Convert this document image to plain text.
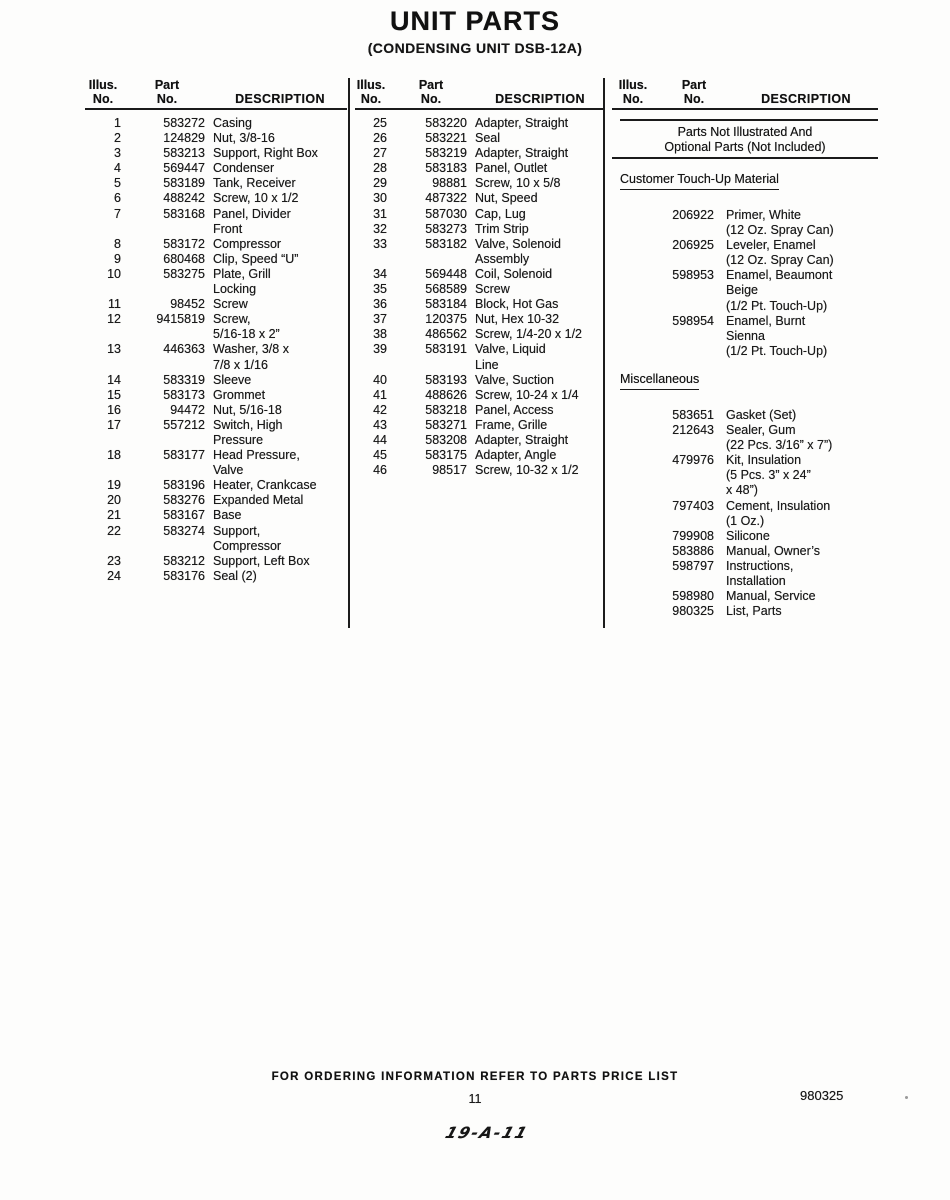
UNIT PARTS
(CONDENSING UNIT DSB-12A)
Illus.	Part
No.	No.	DESCRIPTION
1	583272 Casing
2	124829 Nut, 3/8-16
3	583213 Support, Right Box
4	569447 Condenser
5	583189 Tank, Receiver
6	488242 Screw, 10 x 1/2
7	583168 Panel, Divider
Front
8	583172 Compressor
9	680468 Clip, Speed “U”
10	583275 Plate, Grill
Locking
11	98452 Screw
12	9415819 Screw,
5/16-18 x 2”
13	446363 Washer, 3/8 x
7/8 x 1/16
14	583319 Sleeve
15	583173 Grommet
16	94472 Nut, 5/16-18
17	557212 Switch, High
Pressure
18	583177 Head Pressure,
Valve
19	583196 Heater, Crankcase
20	583276 Expanded Metal
21	583167 Base
22	583274 Support,
Compressor
23	583212 Support, Left Box
24	583176 Seal (2)
Illus.	Part
No.	No.	DESCRIPTION
25	583220 Adapter, Straight
26	583221 Seal
27	583219 Adapter, Straight
28	583183 Panel, Outlet
29	98881 Screw, 10 x 5/8
30	487322 Nut, Speed
31	587030 Cap, Lug
32	583273 Trim Strip
33	583182 Valve, Solenoid
Assembly
34	569448 Coil, Solenoid
35	568589 Screw
36	583184 Block, Hot Gas
37	120375 Nut, Hex 10-32
38	486562 Screw, 1/4-20 x 1/2
39	583191 Valve, Liquid
Line
40	583193 Valve, Suction
41	488626 Screw, 10-24 x 1/4
42	583218 Panel, Access
43	583271 Frame, Grille
44	583208 Adapter, Straight
45	583175 Adapter, Angle
46	98517 Screw, 10-32 x 1/2
Illus.	Part
No.	No.	DESCRIPTION
Parts Not Illustrated And
Optional Parts (Not Included)
Customer Touch-Up Material
206922 Primer, White
(12 Oz. Spray Can)
206925 Leveler, Enamel
(12 Oz. Spray Can)
598953 Enamel, Beaumont
Beige
(1/2 Pt. Touch-Up)
598954 Enamel, Burnt
Sienna
(1/2 Pt. Touch-Up)
Miscellaneous
583651 Gasket (Set)
212643 Sealer, Gum
(22 Pcs. 3/16” x 7”)
479976 Kit, Insulation
(5 Pcs. 3” x 24”
x 48”)
797403 Cement, Insulation
(1 Oz.)
799908 Silicone
583886 Manual, Owner’s
598797 Instructions,
Installation
598980 Manual, Service
980325 List, Parts
FOR ORDERING INFORMATION REFER TO PARTS PRICE LIST
11	980325
19-A-11
